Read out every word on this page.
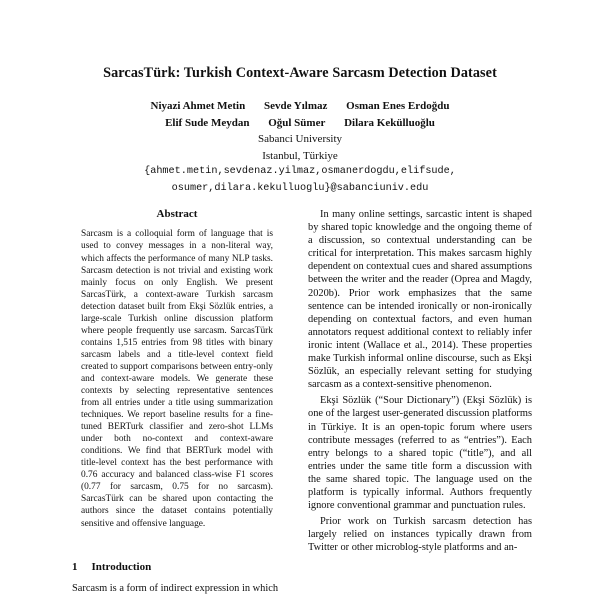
SarcasTürk: Turkish Context-Aware Sarcasm Detection Dataset
Niyazi Ahmet Metin Sevde Yılmaz Osman Enes Erdoğdu
Elif Sude Meydan Oğul Sümer Dilara Kekülluoğlu
Sabanci University
Istanbul, Türkiye
{ahmet.metin,sevdenaz.yilmaz,osmanerdogdu,elifsude,
osumer,dilara.kekulluoglu}@sabanciuniv.edu
Abstract

Sarcasm is a colloquial form of language that is used to convey messages in a non-literal way, which affects the performance of many NLP tasks. Sarcasm detection is not trivial and existing work mainly focus on only English. We present SarcasTürk, a context-aware Turkish sarcasm detection dataset built from Ekşi Sözlük entries, a large-scale Turkish online discussion platform where people frequently use sarcasm. SarcasTürk contains 1,515 entries from 98 titles with binary sarcasm labels and a title-level context field created to support comparisons between entry-only and context-aware models. We generate these contexts by selecting representative sentences from all entries under a title using summarization techniques. We report baseline results for a fine-tuned BERTurk classifier and zero-shot LLMs under both no-context and context-aware conditions. We find that BERTurk model with title-level context has the best performance with 0.76 accuracy and balanced class-wise F1 scores (0.77 for sarcasm, 0.75 for no sarcasm). SarcasTürk can be shared upon contacting the authors since the dataset contains potentially sensitive and offensive language.

1 Introduction
Sarcasm is a form of indirect expression in which

In many online settings, sarcastic intent is shaped by shared topic knowledge and the ongoing theme of a discussion, so contextual understanding can be critical for interpretation. This makes sarcasm highly dependent on contextual cues and shared assumptions between the writer and the reader (Oprea and Magdy, 2020b). Prior work emphasizes that the same sentence can be intended ironically or non-ironically depending on contextual factors, and even human annotators request additional context to reliably infer ironic intent (Wallace et al., 2014). These properties make Turkish informal online discourse, such as Ekşi Sözlük, an especially relevant setting for studying sarcasm as a context-sensitive phenomenon.

Ekşi Sözlük (“Sour Dictionary”) (Ekşi Sözlük) is one of the largest user-generated discussion platforms in Türkiye. It is an open-topic forum where users contribute messages (referred to as “entries”). Each entry belongs to a shared topic (“title”), and all entries under the same title form a discussion with the same shared topic. The language used on the platform is typically informal. Authors frequently ignore conventional grammar and punctuation rules.

Prior work on Turkish sarcasm detection has largely relied on instances typically drawn from Twitter or other microblog-style platforms and an-
